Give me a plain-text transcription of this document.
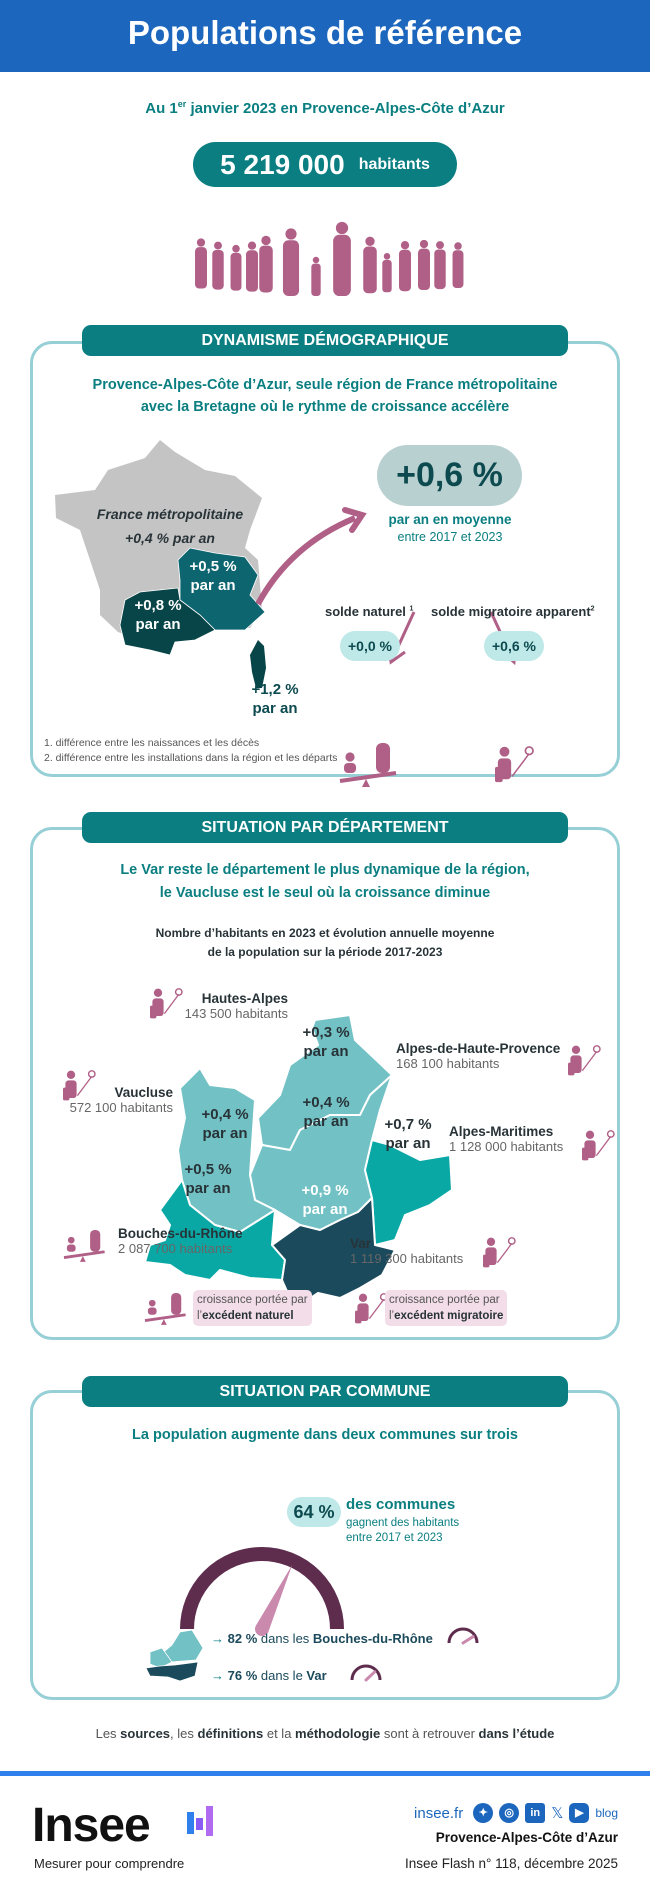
Populations de référence
Au 1er janvier 2023 en Provence-Alpes-Côte d’Azur
5 219 000 habitants
DYNAMISME DÉMOGRAPHIQUE
Provence-Alpes-Côte d’Azur, seule région de France métropolitaine
avec la Bretagne où le rythme de croissance accélère
France métropolitaine
+0,4 % par an
+0,5 %
par an
+0,8 %
par an
+1,2 %
par an
+0,6 %
par an en moyenne
entre 2017 et 2023
solde naturel $^1$ solde migratoire apparent$^2$
+0,0 %	+0,6 %
1. différence entre les naissances et les décès
2. différence entre les installations dans la région et les départs
SITUATION PAR DÉPARTEMENT
Le Var reste le département le plus dynamique de la région,
le Vaucluse est le seul où la croissance diminue
Nombre d’habitants en 2023 et évolution annuelle moyenne
de la population sur la période 2017-2023
Hautes-Alpes
143 500 habitants
Alpes-de-Haute-Provence
168 100 habitants
Vaucluse
572 100 habitants
Alpes-Maritimes
1 128 000 habitants
Bouches-du-Rhône
2 087 700 habitants	Var
1 119 300 habitants
+0,3 %
par an
+0,4 %
par an
+0,4 %
par an
+0,7 %
par an
+0,5 %
par an	+0,9 %
par an
croissance portée par
l’excédent naturel
croissance portée par
l’excédent migratoire
SITUATION PAR COMMUNE
La population augmente dans deux communes sur trois
64 % des communes
gagnent des habitants
entre 2017 et 2023
→ 82 % dans les Bouches-du-Rhône
→ 76 % dans le Var
Les sources, les définitions et la méthodologie sont à retrouver dans l’étude
Insee
Mesurer pour comprendre
insee.fr	✦	◎	in 𝕏	▶ blog
Provence-Alpes-Côte d’Azur
Insee Flash n° 118, décembre 2025
